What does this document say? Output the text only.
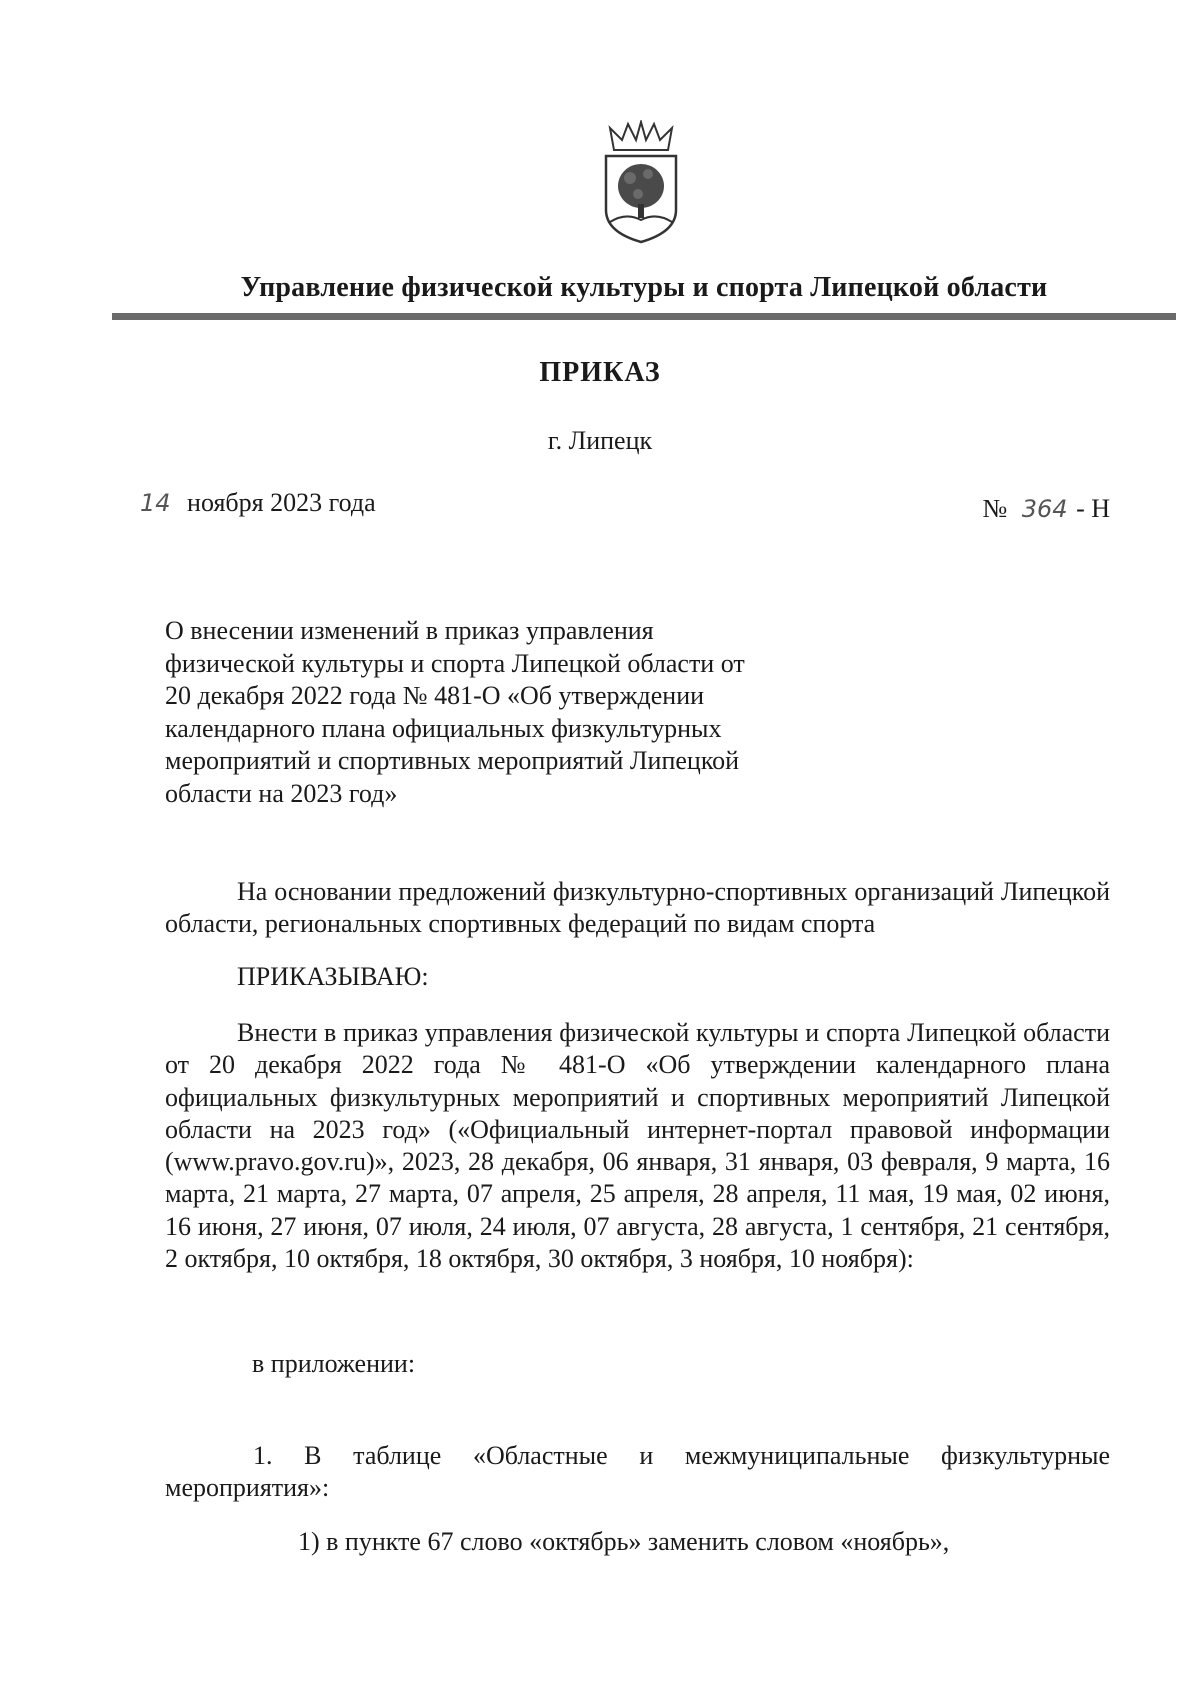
Управление физической культуры и спорта Липецкой области
ПРИКАЗ
г. Липецк
14 ноября 2023 года	№ 364 - Н
О внесении изменений в приказ управления физической культуры и спорта Липецкой области от 20 декабря 2022 года № 481-О «Об утверждении календарного плана официальных физкультурных мероприятий и спортивных мероприятий Липецкой области на 2023 год»
На основании предложений физкультурно-спортивных организаций Липецкой области, региональных спортивных федераций по видам спорта
ПРИКАЗЫВАЮ:
Внести в приказ управления физической культуры и спорта Липецкой области от 20 декабря 2022 года № 481-О «Об утверждении календарного плана официальных физкультурных мероприятий и спортивных мероприятий Липецкой области на 2023 год» («Официальный интернет-портал правовой информации (www.pravo.gov.ru)», 2023, 28 декабря, 06 января, 31 января, 03 февраля, 9 марта, 16 марта, 21 марта, 27 марта, 07 апреля, 25 апреля, 28 апреля, 11 мая, 19 мая, 02 июня, 16 июня, 27 июня, 07 июля, 24 июля, 07 августа, 28 августа, 1 сентября, 21 сентября, 2 октября, 10 октября, 18 октября, 30 октября, 3 ноября, 10 ноября):
в приложении:
1. В таблице «Областные и межмуниципальные физкультурные мероприятия»:
1) в пункте 67 слово «октябрь» заменить словом «ноябрь»,
